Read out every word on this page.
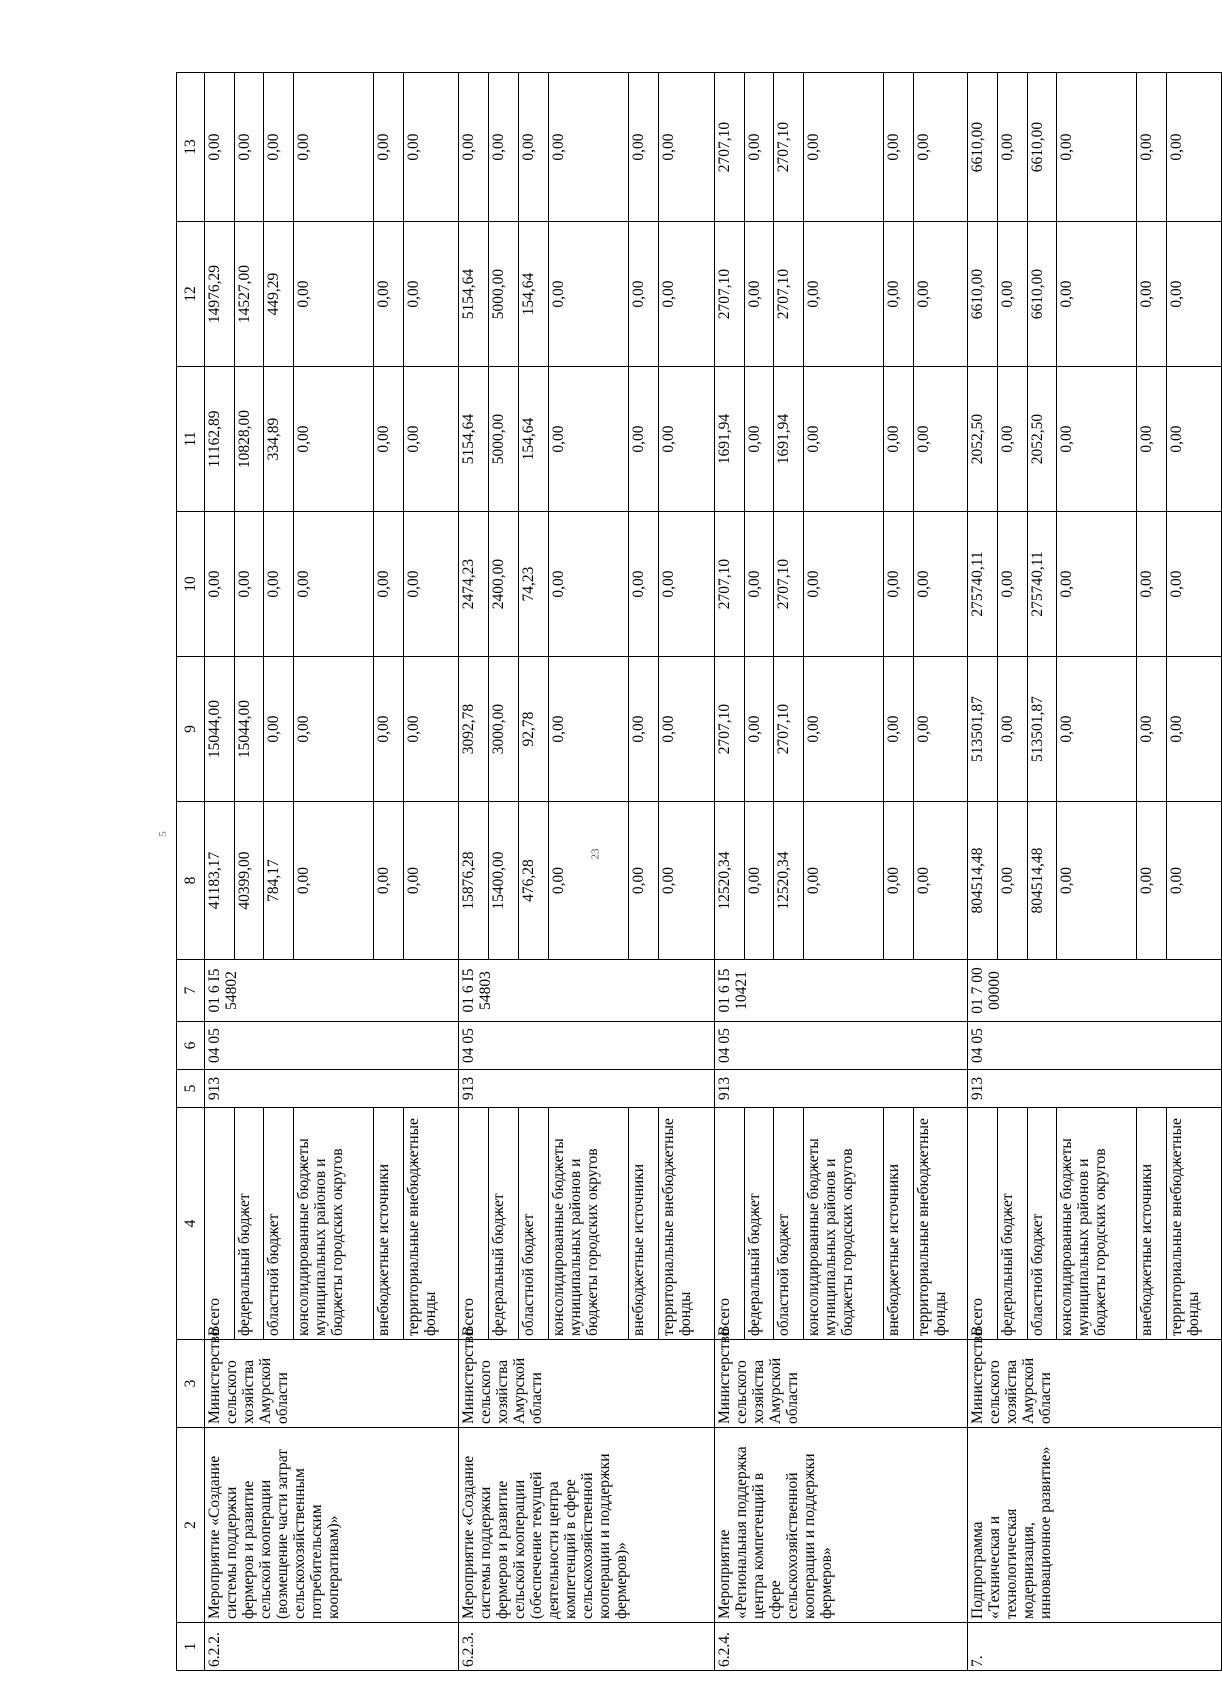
23
5
1	2	3	4	5	6	7	8	9	10	11	12	13
6.2.2.	Мероприятие «Создание системы поддержки фермеров и развитие сельской кооперации (возмещение части затрат сельскохозяйственным потребительским кооперативам)»	Министерство сельского хозяйства Амурской области	Всего	913	04 05	01 6 I5 54802	41183,17	15044,00	0,00	11162,89	14976,29	0,00
			федеральный бюджет				40399,00	15044,00	0,00	10828,00	14527,00	0,00
			областной бюджет				784,17	0,00	0,00	334,89	449,29	0,00
			консолидированные бюджеты муниципальных районов и бюджеты городских округов				0,00	0,00	0,00	0,00	0,00	0,00
			внебюджетные источники				0,00	0,00	0,00	0,00	0,00	0,00
			территориальные внебюджетные фонды				0,00	0,00	0,00	0,00	0,00	0,00
6.2.3.	Мероприятие «Создание системы поддержки фермеров и развитие сельской кооперации (обеспечение текущей деятельности центра компетенций в сфере сельскохозяйственной кооперации и поддержки фермеров)»	Министерство сельского хозяйства Амурской области	Всего	913	04 05	01 6 I5 54803	15876,28	3092,78	2474,23	5154,64	5154,64	0,00
			федеральный бюджет				15400,00	3000,00	2400,00	5000,00	5000,00	0,00
			областной бюджет				476,28	92,78	74,23	154,64	154,64	0,00
			консолидированные бюджеты муниципальных районов и бюджеты городских округов				0,00	0,00	0,00	0,00	0,00	0,00
			внебюджетные источники				0,00	0,00	0,00	0,00	0,00	0,00
			территориальные внебюджетные фонды				0,00	0,00	0,00	0,00	0,00	0,00
6.2.4.	Мероприятие «Региональная поддержка центра компетенций в сфере сельскохозяйственной кооперации и поддержки фермеров»	Министерство сельского хозяйства Амурской области	Всего	913	04 05	01 6 I5 10421	12520,34	2707,10	2707,10	1691,94	2707,10	2707,10
			федеральный бюджет				0,00	0,00	0,00	0,00	0,00	0,00
			областной бюджет				12520,34	2707,10	2707,10	1691,94	2707,10	2707,10
			консолидированные бюджеты муниципальных районов и бюджеты городских округов				0,00	0,00	0,00	0,00	0,00	0,00
			внебюджетные источники				0,00	0,00	0,00	0,00	0,00	0,00
			территориальные внебюджетные фонды				0,00	0,00	0,00	0,00	0,00	0,00
7.	Подпрограмма «Техническая и технологическая модернизация, инновационное развитие»	Министерство сельского хозяйства Амурской области	Всего	913	04 05	01 7 00 00000	804514,48	513501,87	275740,11	2052,50	6610,00	6610,00
			федеральный бюджет				0,00	0,00	0,00	0,00	0,00	0,00
			областной бюджет				804514,48	513501,87	275740,11	2052,50	6610,00	6610,00
			консолидированные бюджеты муниципальных районов и бюджеты городских округов				0,00	0,00	0,00	0,00	0,00	0,00
			внебюджетные источники				0,00	0,00	0,00	0,00	0,00	0,00
			территориальные внебюджетные фонды				0,00	0,00	0,00	0,00	0,00	0,00
